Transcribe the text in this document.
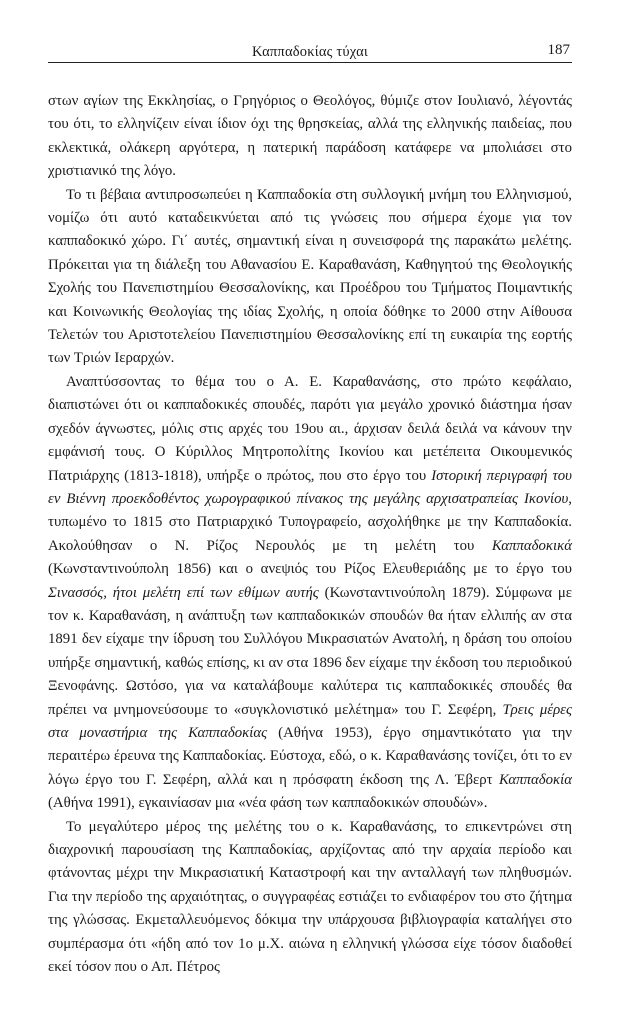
Καππαδοκίας τύχαι	187

στων αγίων της Εκκλησίας, ο Γρηγόριος ο Θεολόγος, θύμιζε στον Ιουλιανό, λέγοντάς του ότι, το ελληνίζειν είναι ίδιον όχι της θρησκείας, αλλά της ελληνικής παιδείας, που εκλεκτικά, ολάκερη αργότερα, η πατερική παράδοση κατάφερε να μπολιάσει στο χριστιανικό της λόγο.

Το τι βέβαια αντιπροσωπεύει η Καππαδοκία στη συλλογική μνήμη του Ελληνισμού, νομίζω ότι αυτό καταδεικνύεται από τις γνώσεις που σήμερα έχομε για τον καππαδοκικό χώρο. Γι΄ αυτές, σημαντική είναι η συνεισφορά της παρακάτω μελέτης. Πρόκειται για τη διάλεξη του Αθανασίου Ε. Καραθανάση, Καθηγητού της Θεολογικής Σχολής του Πανεπιστημίου Θεσσαλονίκης, και Προέδρου του Τμήματος Ποιμαντικής και Κοινωνικής Θεολογίας της ιδίας Σχολής, η οποία δόθηκε το 2000 στην Αίθουσα Τελετών του Αριστοτελείου Πανεπιστημίου Θεσσαλονίκης επί τη ευκαιρία της εορτής των Τριών Ιεραρχών.

Αναπτύσσοντας το θέμα του ο Α. Ε. Καραθανάσης, στο πρώτο κεφάλαιο, διαπιστώνει ότι οι καππαδοκικές σπουδές, παρότι για μεγάλο χρονικό διάστημα ήσαν σχεδόν άγνωστες, μόλις στις αρχές του 19ου αι., άρχισαν δειλά δειλά να κάνουν την εμφάνισή τους. Ο Κύριλλος Μητροπολίτης Ικονίου και μετέπειτα Οικουμενικός Πατριάρχης (1813-1818), υπήρξε ο πρώτος, που στο έργο του Ιστορική περιγραφή του εν Βιέννη προεκδοθέντος χωρογραφικού πίνακος της μεγάλης αρχισατραπείας Ικονίου, τυπωμένο το 1815 στο Πατριαρχικό Τυπογραφείο, ασχολήθηκε με την Καππαδοκία. Ακολούθησαν ο Ν. Ρίζος Νερουλός με τη μελέτη του Καππαδοκικά (Κωνσταντινούπολη 1856) και ο ανεψιός του Ρίζος Ελευθεριάδης με το έργο του Σινασσός, ήτοι μελέτη επί των εθίμων αυτής (Κωνσταντινούπολη 1879). Σύμφωνα με τον κ. Καραθανάση, η ανάπτυξη των καππαδοκικών σπουδών θα ήταν ελλιπής αν στα 1891 δεν είχαμε την ίδρυση του Συλλόγου Μικρασιατών Ανατολή, η δράση του οποίου υπήρξε σημαντική, καθώς επίσης, κι αν στα 1896 δεν είχαμε την έκδοση του περιοδικού Ξενοφάνης. Ωστόσο, για να καταλάβουμε καλύτερα τις καππαδοκικές σπουδές θα πρέπει να μνημονεύσουμε το «συγκλονιστικό μελέτημα» του Γ. Σεφέρη, Τρεις μέρες στα μοναστήρια της Καππαδοκίας (Αθήνα 1953), έργο σημαντικότατο για την περαιτέρω έρευνα της Καππαδοκίας. Εύστοχα, εδώ, ο κ. Καραθανάσης τονίζει, ότι το εν λόγω έργο του Γ. Σεφέρη, αλλά και η πρόσφατη έκδοση της Λ. Έβερτ Καππαδοκία (Αθήνα 1991), εγκαινίασαν μια «νέα φάση των καππαδοκικών σπουδών».

Το μεγαλύτερο μέρος της μελέτης του ο κ. Καραθανάσης, το επικεντρώνει στη διαχρονική παρουσίαση της Καππαδοκίας, αρχίζοντας από την αρχαία περίοδο και φτάνοντας μέχρι την Μικρασιατική Καταστροφή και την ανταλλαγή των πληθυσμών. Για την περίοδο της αρχαιότητας, ο συγγραφέας εστιάζει το ενδιαφέρον του στο ζήτημα της γλώσσας. Εκμεταλλευόμενος δόκιμα την υπάρχουσα βιβλιογραφία καταλήγει στο συμπέρασμα ότι «ήδη από τον 1ο μ.Χ. αιώνα η ελληνική γλώσσα είχε τόσον διαδοθεί εκεί τόσον που ο Απ. Πέτρος
